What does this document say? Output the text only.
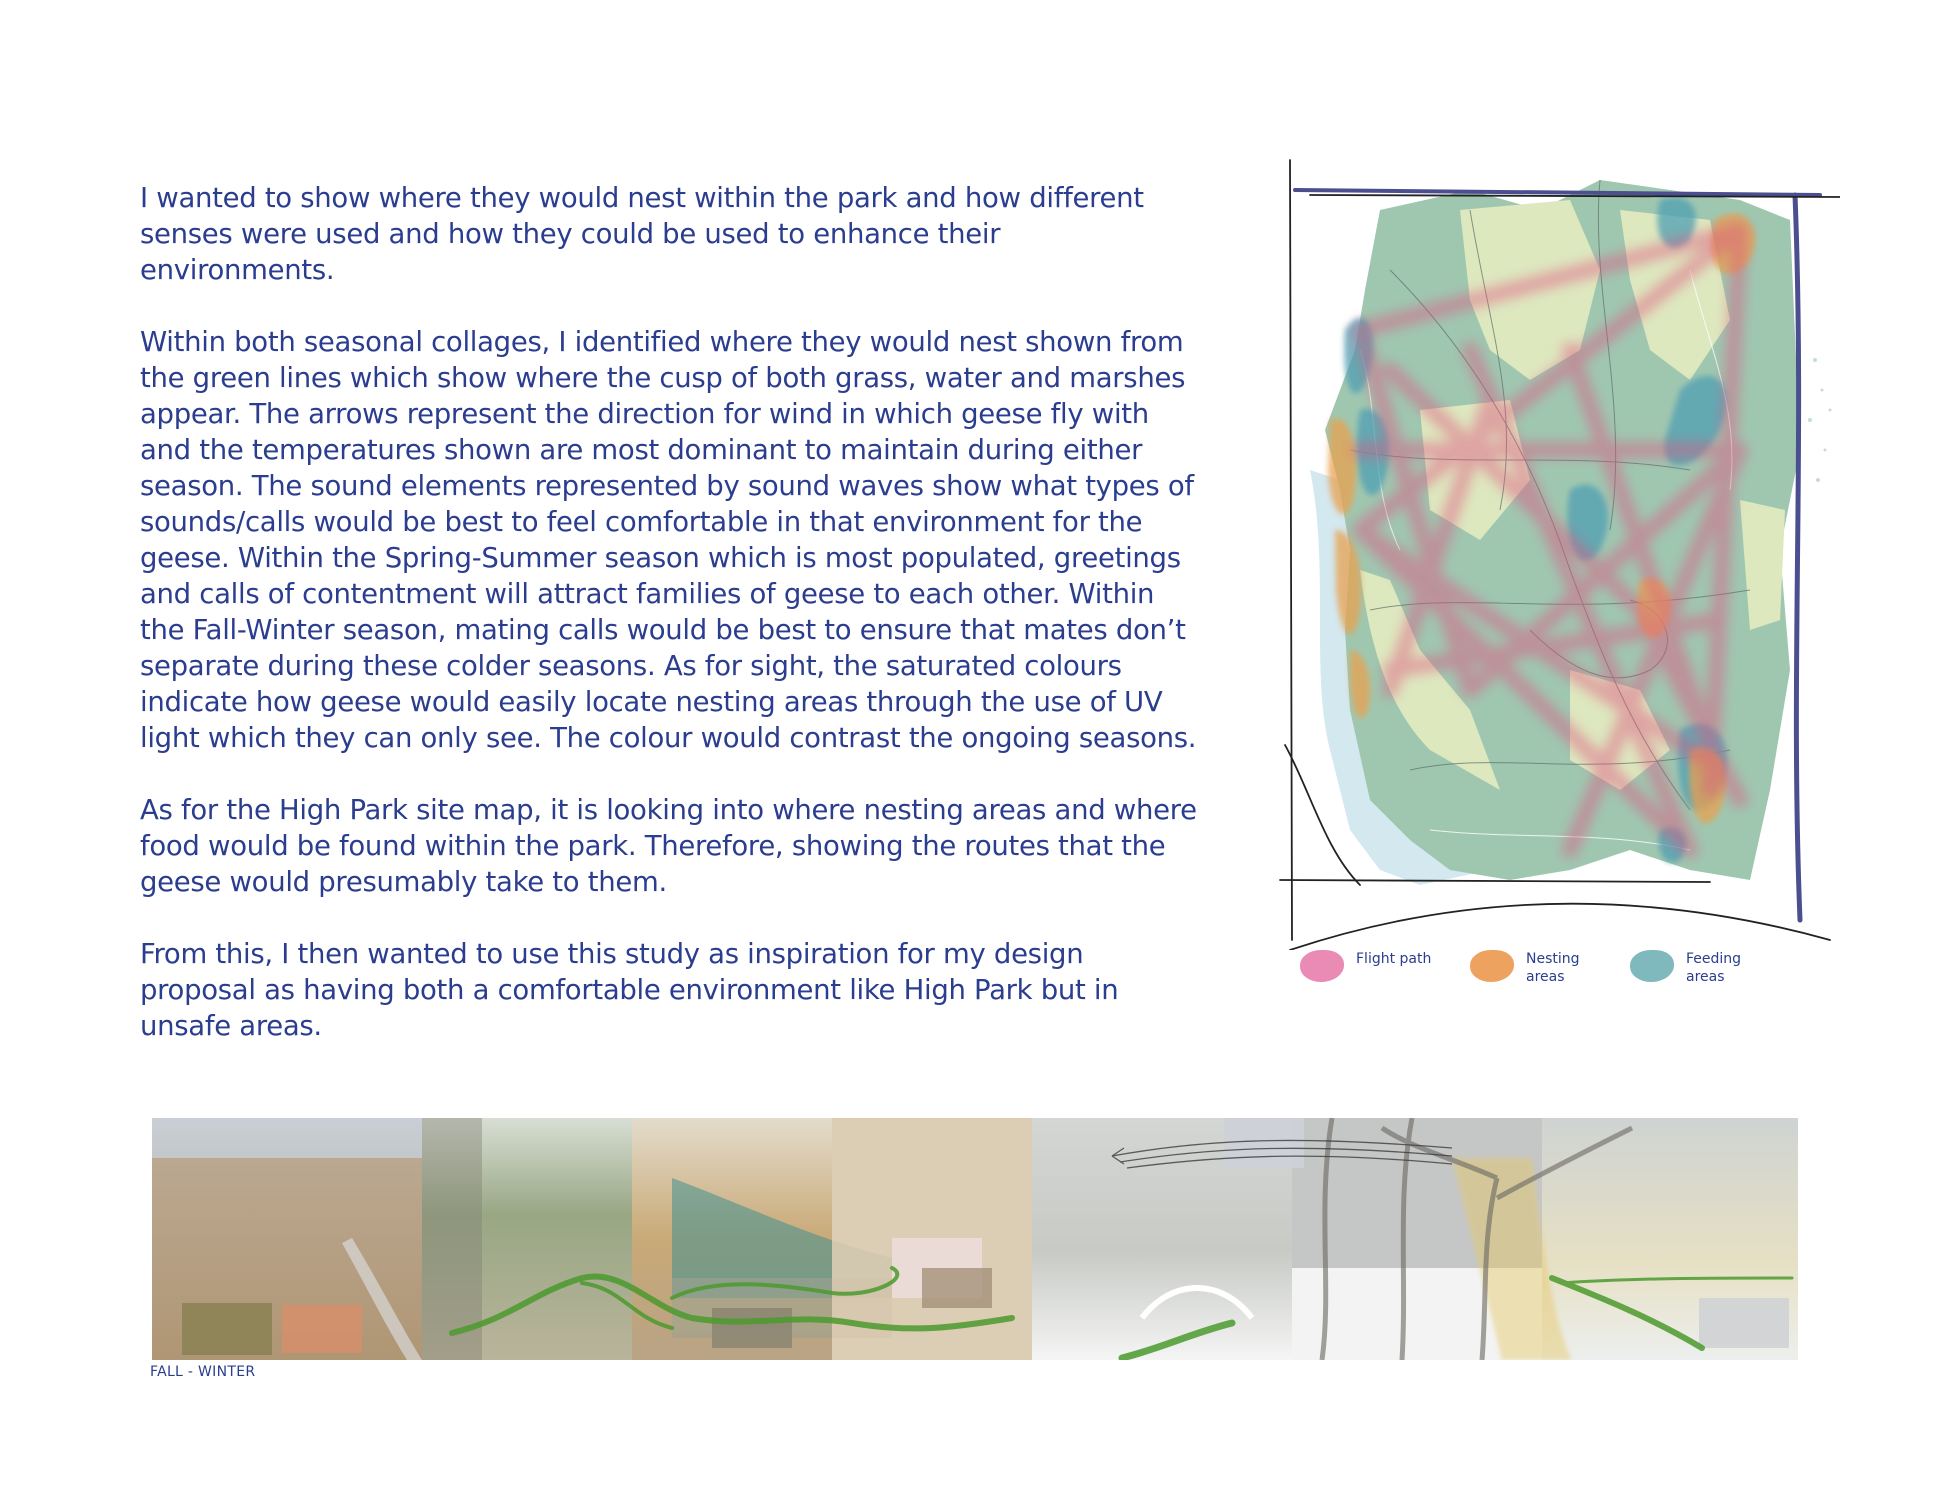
I wanted to show where they would nest within the park and how different senses were used and how they could be used to enhance their environments.

Within both seasonal collages, I identified where they would nest shown from the green lines which show where the cusp of both grass, water and marshes appear. The arrows represent the direction for wind in which geese fly with and the temperatures shown are most dominant to maintain during either season. The sound elements represented by sound waves show what types of sounds/calls would be best to feel comfortable in that environment for the geese. Within the Spring-Summer season which is most populated, greetings and calls of contentment will attract families of geese to each other. Within the Fall-Winter season, mating calls would be best to ensure that mates don’t separate during these colder seasons. As for sight, the saturated colours indicate how geese would easily locate nesting areas through the use of UV light which they can only see. The colour would contrast the ongoing seasons.

As for the High Park site map, it is looking into where nesting areas and where food would be found within the park. Therefore, showing the routes that the geese would presumably take to them.

From this, I then wanted to use this study as inspiration for my design proposal as having both a comfortable environment like High Park but in unsafe areas.

Flight path	Nesting areas
Feeding areas
FALL - WINTER
